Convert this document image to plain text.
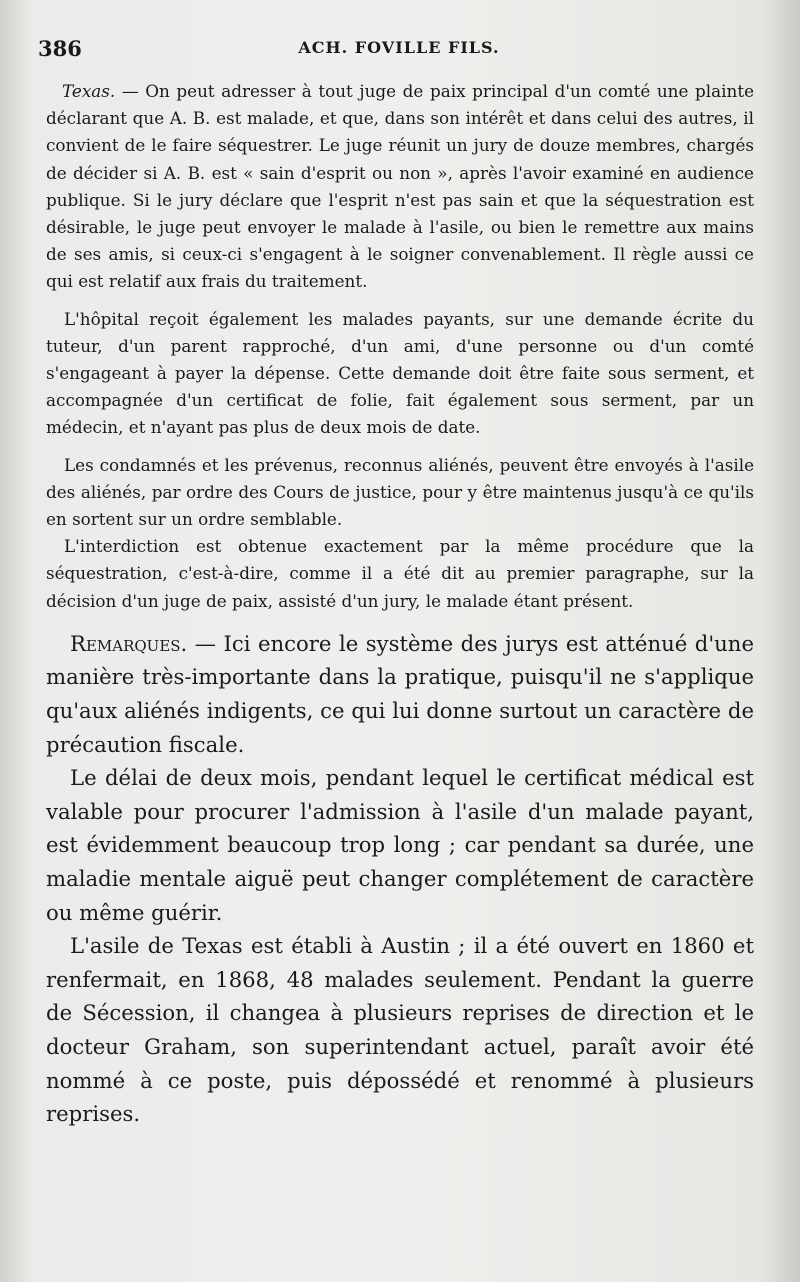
386	ACH. FOVILLE FILS.

Texas. — On peut adresser à tout juge de paix principal d'un comté une plainte déclarant que A. B. est malade, et que, dans son intérêt et dans celui des autres, il convient de le faire séquestrer. Le juge réunit un jury de douze membres, chargés de décider si A. B. est « sain d'esprit ou non », après l'avoir examiné en audience publique. Si le jury déclare que l'esprit n'est pas sain et que la séquestration est désirable, le juge peut envoyer le malade à l'asile, ou bien le remettre aux mains de ses amis, si ceux-ci s'engagent à le soigner convenablement. Il règle aussi ce qui est relatif aux frais du traitement.

L'hôpital reçoit également les malades payants, sur une demande écrite du tuteur, d'un parent rapproché, d'un ami, d'une personne ou d'un comté s'engageant à payer la dépense. Cette demande doit être faite sous serment, et accompagnée d'un certificat de folie, fait également sous serment, par un médecin, et n'ayant pas plus de deux mois de date.

Les condamnés et les prévenus, reconnus aliénés, peuvent être envoyés à l'asile des aliénés, par ordre des Cours de justice, pour y être maintenus jusqu'à ce qu'ils en sortent sur un ordre semblable.

L'interdiction est obtenue exactement par la même procédure que la séquestration, c'est-à-dire, comme il a été dit au premier paragraphe, sur la décision d'un juge de paix, assisté d'un jury, le malade étant présent.

Remarques. — Ici encore le système des jurys est atténué d'une manière très-importante dans la pratique, puisqu'il ne s'applique qu'aux aliénés indigents, ce qui lui donne surtout un caractère de précaution fiscale.

Le délai de deux mois, pendant lequel le certificat médical est valable pour procurer l'admission à l'asile d'un malade payant, est évidemment beaucoup trop long ; car pendant sa durée, une maladie mentale aiguë peut changer complétement de caractère ou même guérir.

L'asile de Texas est établi à Austin ; il a été ouvert en 1860 et renfermait, en 1868, 48 malades seulement. Pendant la guerre de Sécession, il changea à plusieurs reprises de direction et le docteur Graham, son superintendant actuel, paraît avoir été nommé à ce poste, puis dépossédé et renommé à plusieurs reprises.
